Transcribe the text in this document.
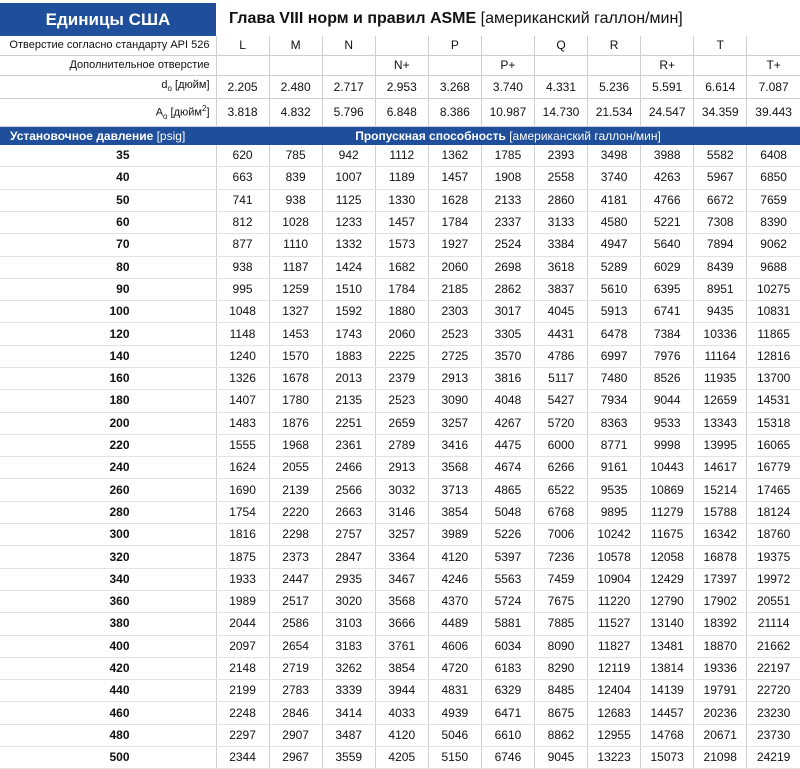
Единицы США	Глава VIII норм и правил ASME [американский галлон/мин]
Отверстие согласно стандарту API 526	L	M	N		P		Q	R		T	
Дополнительное отверстие				N+		P+			R+		T+
$d_o$ [дюйм]	2.205	2.480	2.717	2.953	3.268	3.740	4.331	5.236	5.591	6.614	7.087
$A_o$ [дюйм$^2$]	3.818	4.832	5.796	6.848	8.386	10.987	14.730	21.534	24.547	34.359	39.443
Установочное давление [psig]	Пропускная способность [американский галлон/мин]										
35	620	785	942	1112	1362	1785	2393	3498	3988	5582	6408
40	663	839	1007	1189	1457	1908	2558	3740	4263	5967	6850
50	741	938	1125	1330	1628	2133	2860	4181	4766	6672	7659
60	812	1028	1233	1457	1784	2337	3133	4580	5221	7308	8390
70	877	1110	1332	1573	1927	2524	3384	4947	5640	7894	9062
80	938	1187	1424	1682	2060	2698	3618	5289	6029	8439	9688
90	995	1259	1510	1784	2185	2862	3837	5610	6395	8951	10275
100	1048	1327	1592	1880	2303	3017	4045	5913	6741	9435	10831
120	1148	1453	1743	2060	2523	3305	4431	6478	7384	10336	11865
140	1240	1570	1883	2225	2725	3570	4786	6997	7976	11164	12816
160	1326	1678	2013	2379	2913	3816	5117	7480	8526	11935	13700
180	1407	1780	2135	2523	3090	4048	5427	7934	9044	12659	14531
200	1483	1876	2251	2659	3257	4267	5720	8363	9533	13343	15318
220	1555	1968	2361	2789	3416	4475	6000	8771	9998	13995	16065
240	1624	2055	2466	2913	3568	4674	6266	9161	10443	14617	16779
260	1690	2139	2566	3032	3713	4865	6522	9535	10869	15214	17465
280	1754	2220	2663	3146	3854	5048	6768	9895	11279	15788	18124
300	1816	2298	2757	3257	3989	5226	7006	10242	11675	16342	18760
320	1875	2373	2847	3364	4120	5397	7236	10578	12058	16878	19375
340	1933	2447	2935	3467	4246	5563	7459	10904	12429	17397	19972
360	1989	2517	3020	3568	4370	5724	7675	11220	12790	17902	20551
380	2044	2586	3103	3666	4489	5881	7885	11527	13140	18392	21114
400	2097	2654	3183	3761	4606	6034	8090	11827	13481	18870	21662
420	2148	2719	3262	3854	4720	6183	8290	12119	13814	19336	22197
440	2199	2783	3339	3944	4831	6329	8485	12404	14139	19791	22720
460	2248	2846	3414	4033	4939	6471	8675	12683	14457	20236	23230
480	2297	2907	3487	4120	5046	6610	8862	12955	14768	20671	23730
500	2344	2967	3559	4205	5150	6746	9045	13223	15073	21098	24219
